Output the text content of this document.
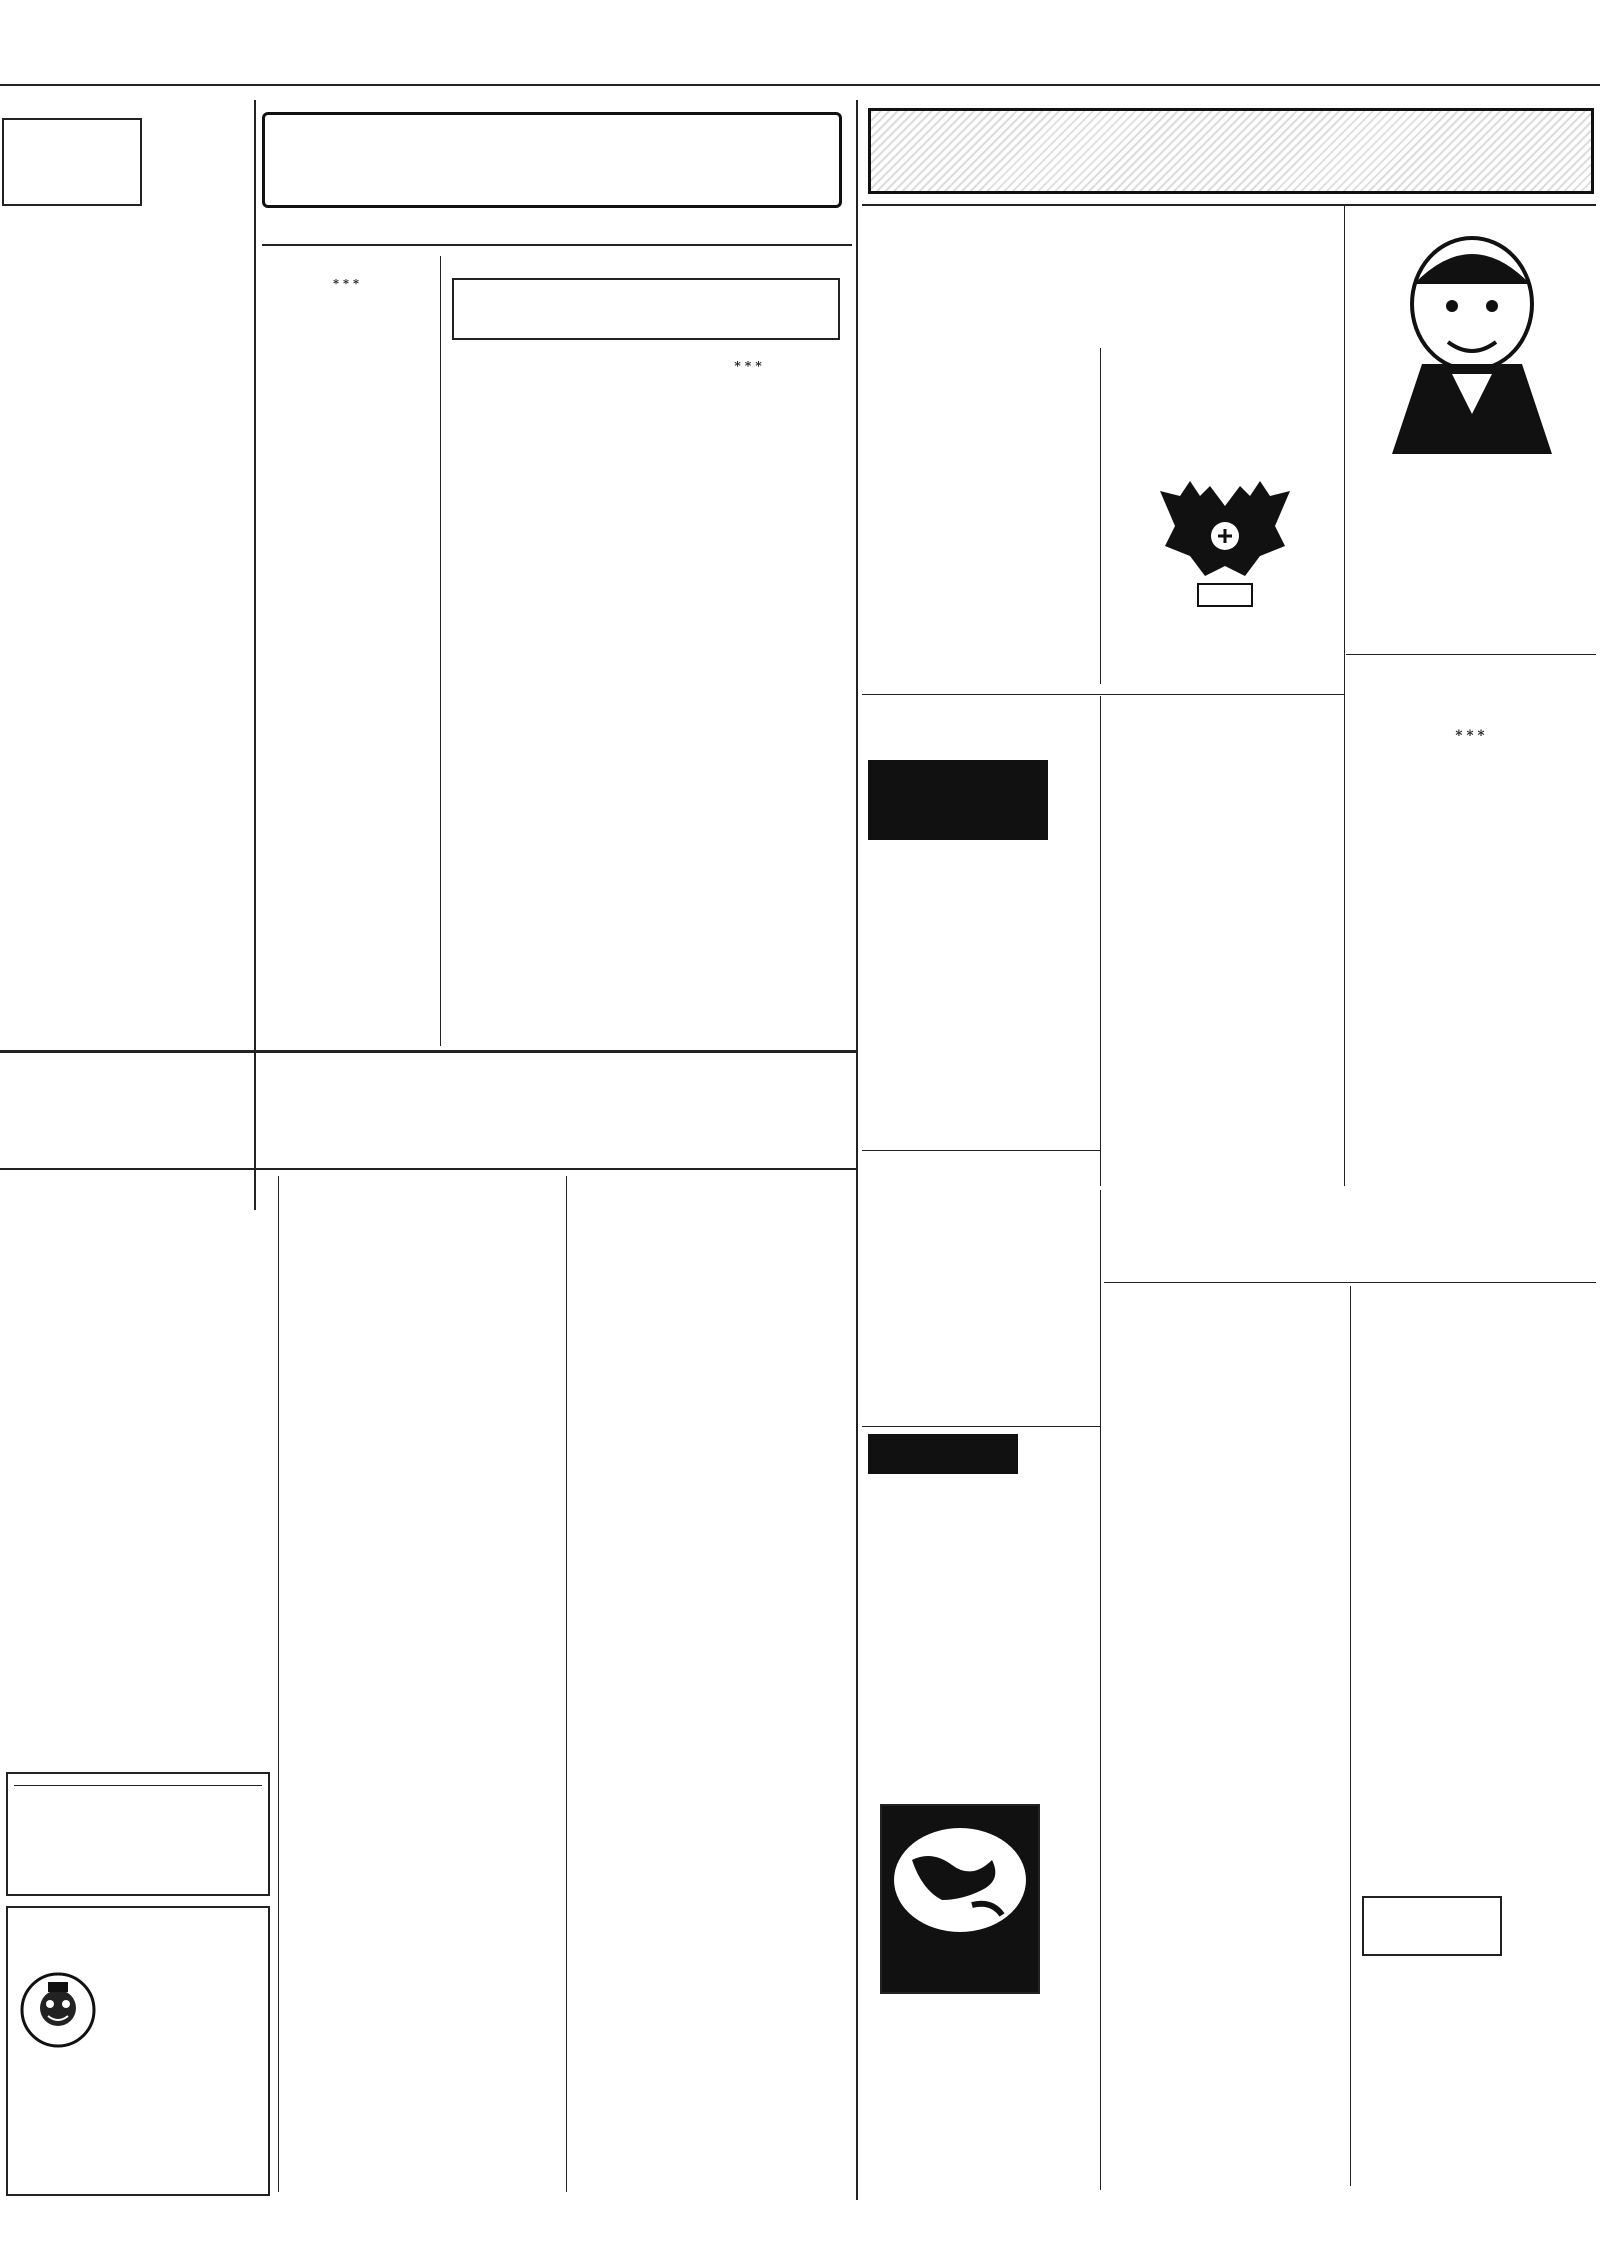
***

***

***
